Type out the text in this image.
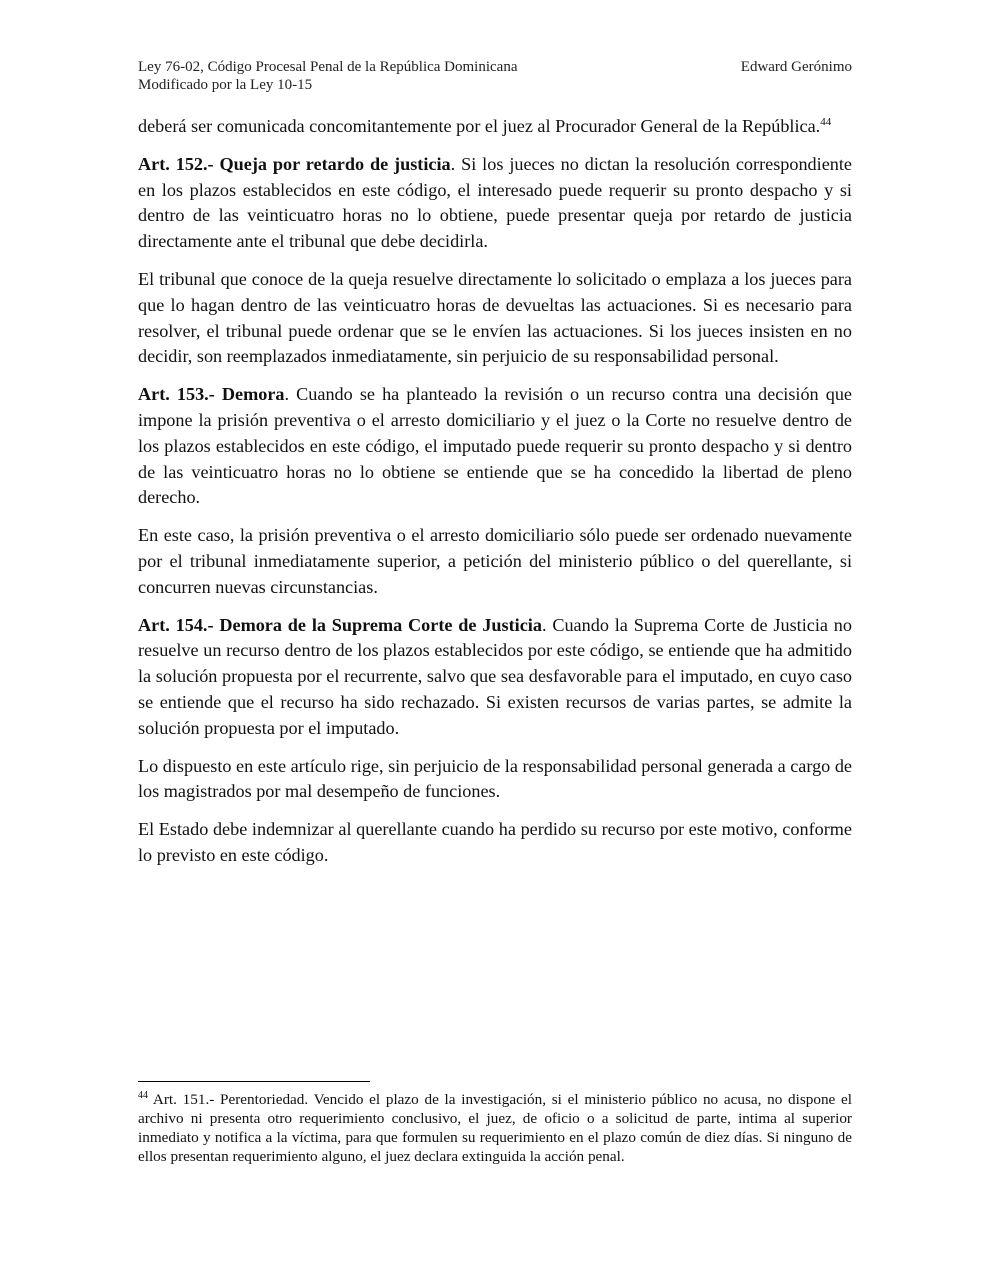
Ley 76-02, Código Procesal Penal de la República Dominicana	Edward Gerónimo
Modificado por la Ley 10-15

deberá ser comunicada concomitantemente por el juez al Procurador General de la República.$^{44}$

Art. 152.- Queja por retardo de justicia. Si los jueces no dictan la resolución correspondiente en los plazos establecidos en este código, el interesado puede requerir su pronto despacho y si dentro de las veinticuatro horas no lo obtiene, puede presentar queja por retardo de justicia directamente ante el tribunal que debe decidirla.

El tribunal que conoce de la queja resuelve directamente lo solicitado o emplaza a los jueces para que lo hagan dentro de las veinticuatro horas de devueltas las actuaciones. Si es necesario para resolver, el tribunal puede ordenar que se le envíen las actuaciones. Si los jueces insisten en no decidir, son reemplazados inmediatamente, sin perjuicio de su responsabilidad personal.

Art. 153.- Demora. Cuando se ha planteado la revisión o un recurso contra una decisión que impone la prisión preventiva o el arresto domiciliario y el juez o la Corte no resuelve dentro de los plazos establecidos en este código, el imputado puede requerir su pronto despacho y si dentro de las veinticuatro horas no lo obtiene se entiende que se ha concedido la libertad de pleno derecho.

En este caso, la prisión preventiva o el arresto domiciliario sólo puede ser ordenado nuevamente por el tribunal inmediatamente superior, a petición del ministerio público o del querellante, si concurren nuevas circunstancias.

Art. 154.- Demora de la Suprema Corte de Justicia. Cuando la Suprema Corte de Justicia no resuelve un recurso dentro de los plazos establecidos por este código, se entiende que ha admitido la solución propuesta por el recurrente, salvo que sea desfavorable para el imputado, en cuyo caso se entiende que el recurso ha sido rechazado. Si existen recursos de varias partes, se admite la solución propuesta por el imputado.

Lo dispuesto en este artículo rige, sin perjuicio de la responsabilidad personal generada a cargo de los magistrados por mal desempeño de funciones.

El Estado debe indemnizar al querellante cuando ha perdido su recurso por este motivo, conforme lo previsto en este código.

$^{44}$ Art. 151.- Perentoriedad. Vencido el plazo de la investigación, si el ministerio público no acusa, no dispone el archivo ni presenta otro requerimiento conclusivo, el juez, de oficio o a solicitud de parte, intima al superior inmediato y notifica a la víctima, para que formulen su requerimiento en el plazo común de diez días. Si ninguno de ellos presentan requerimiento alguno, el juez declara extinguida la acción penal.
